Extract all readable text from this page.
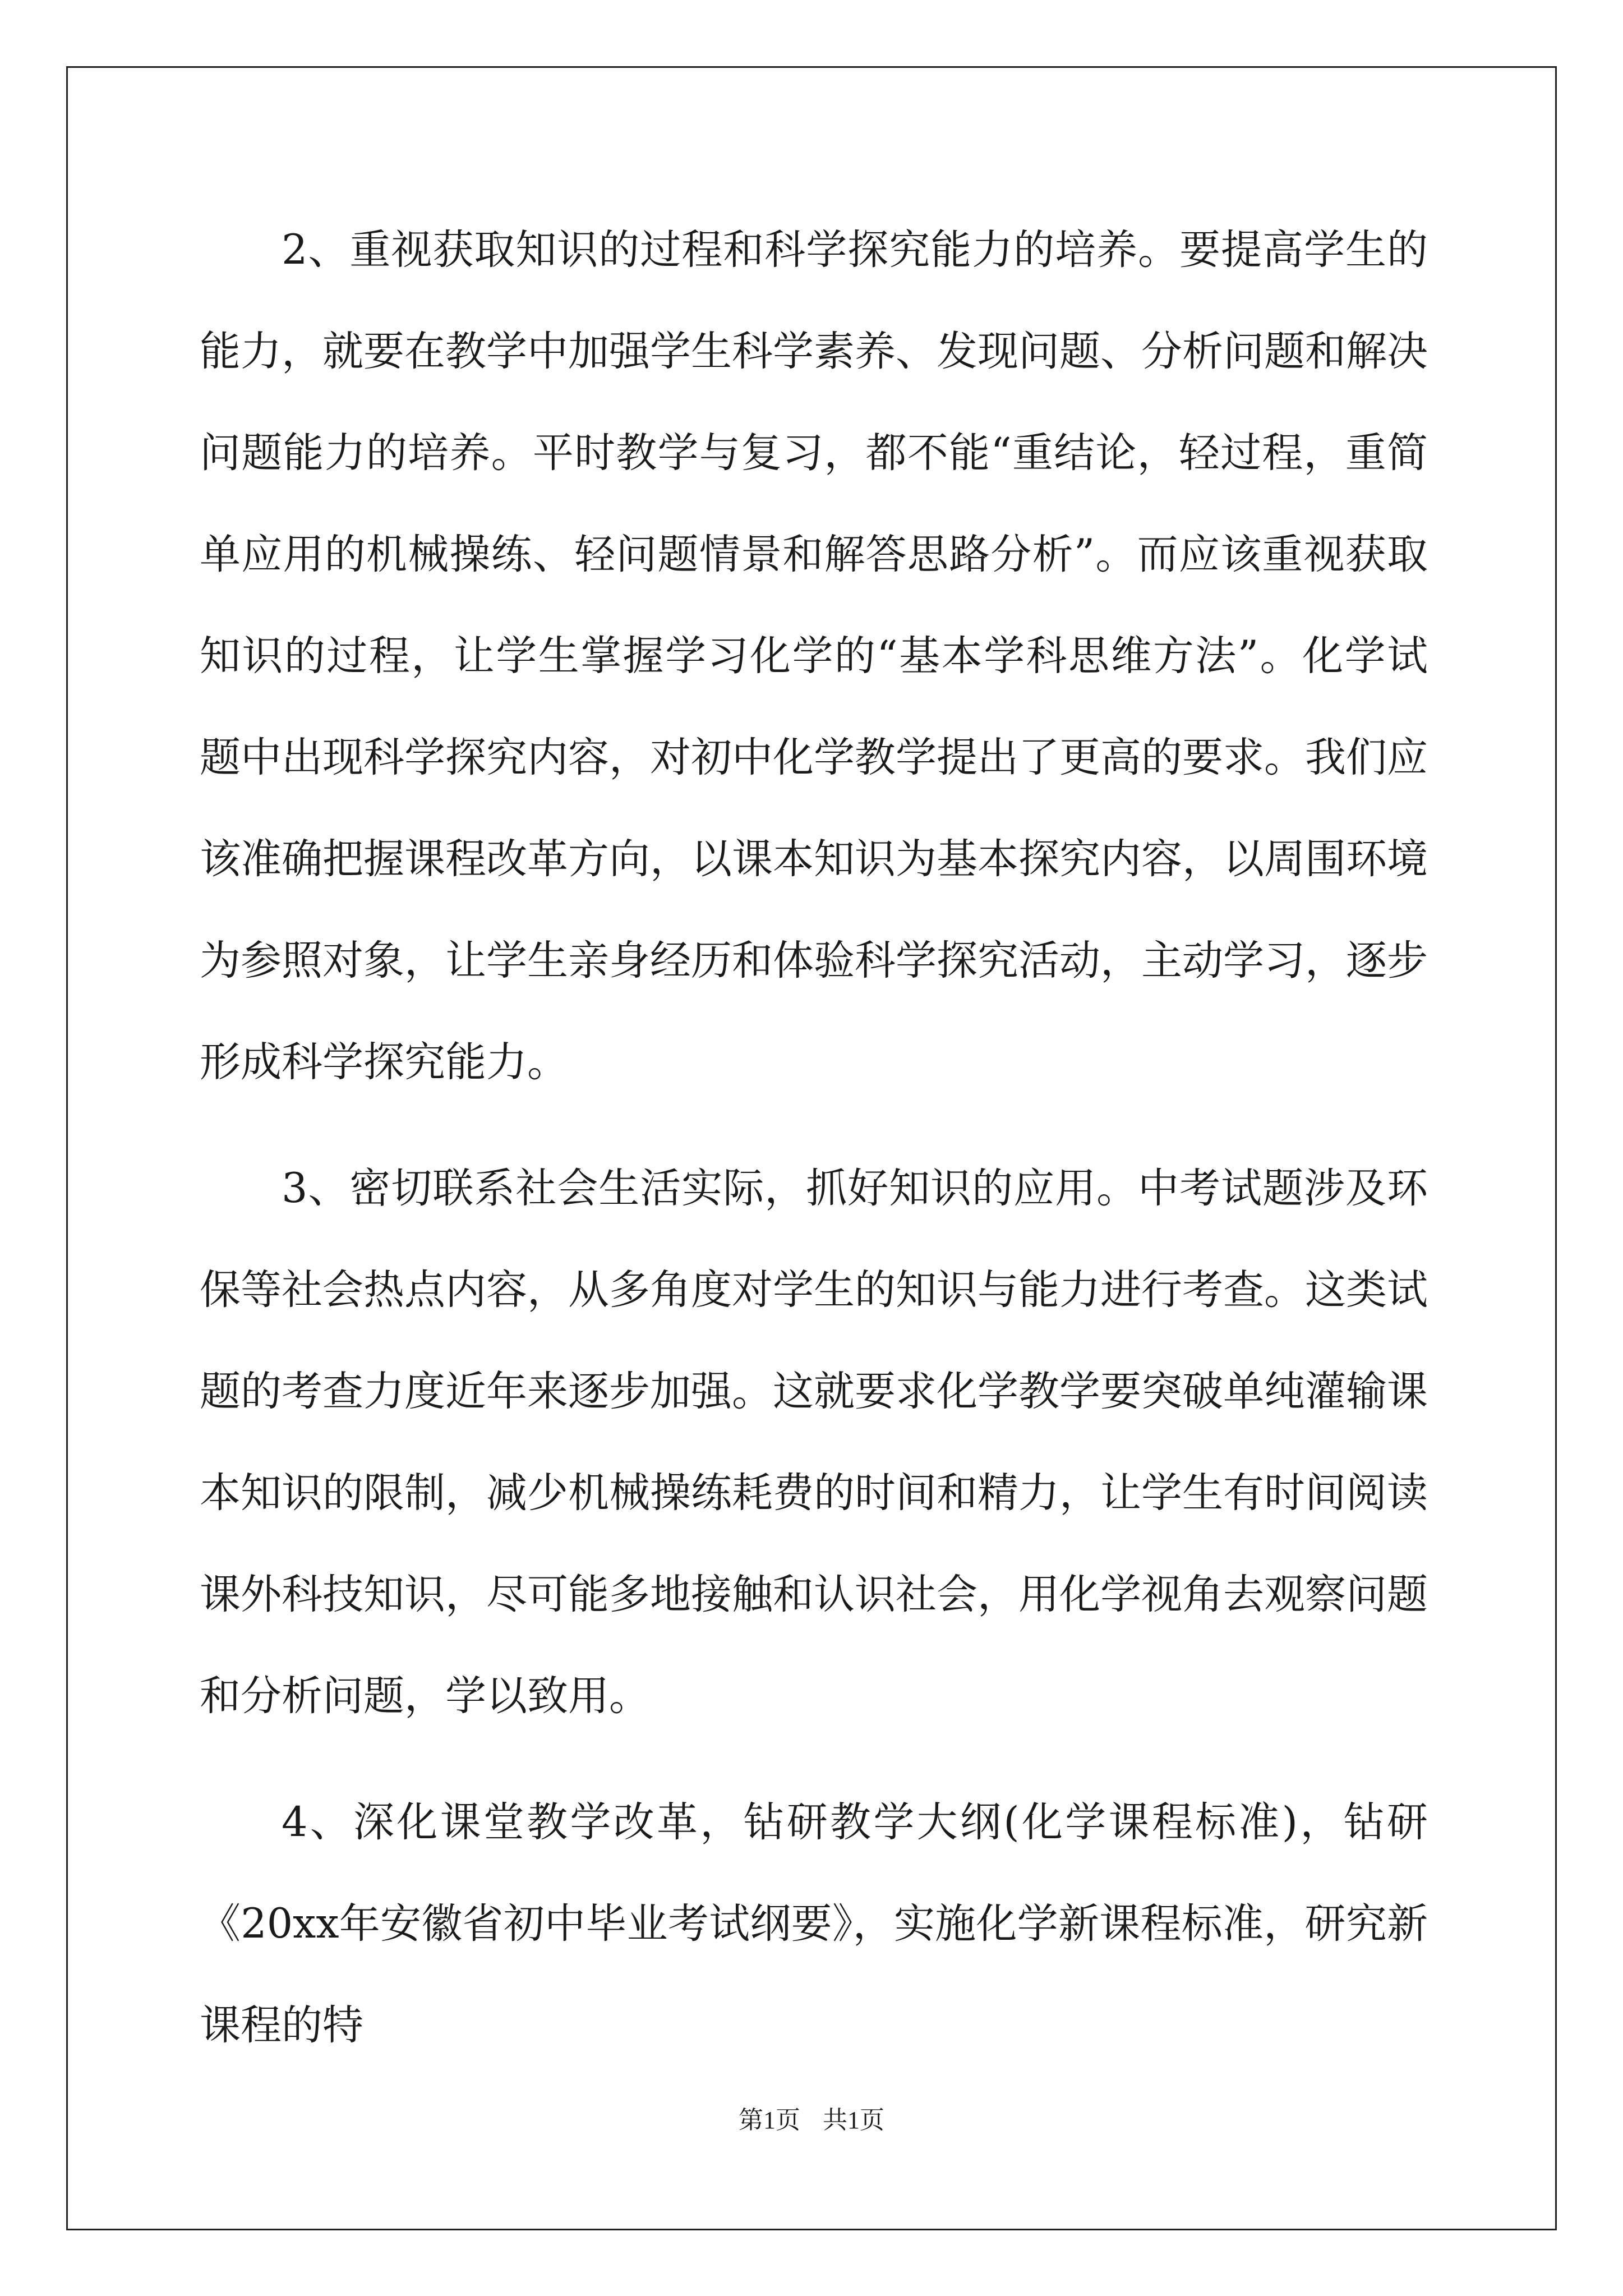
2、重视获取知识的过程和科学探究能力的培养。要提高学生的能力，就要在教学中加强学生科学素养、发现问题、分析问题和解决问题能力的培养。平时教学与复习，都不能“重结论，轻过程，重简单应用的机械操练、轻问题情景和解答思路分析”。而应该重视获取知识的过程，让学生掌握学习化学的“基本学科思维方法”。化学试题中出现科学探究内容，对初中化学教学提出了更高的要求。我们应该准确把握课程改革方向，以课本知识为基本探究内容，以周围环境为参照对象，让学生亲身经历和体验科学探究活动，主动学习，逐步形成科学探究能力。

3、密切联系社会生活实际，抓好知识的应用。中考试题涉及环保等社会热点内容，从多角度对学生的知识与能力进行考查。这类试题的考查力度近年来逐步加强。这就要求化学教学要突破单纯灌输课本知识的限制，减少机械操练耗费的时间和精力，让学生有时间阅读课外科技知识，尽可能多地接触和认识社会，用化学视角去观察问题和分析问题，学以致用。

4、深化课堂教学改革，钻研教学大纲(化学课程标准)，钻研《20xx年安徽省初中毕业考试纲要》，实施化学新课程标准，研究新课程的特

第1页 共1页
